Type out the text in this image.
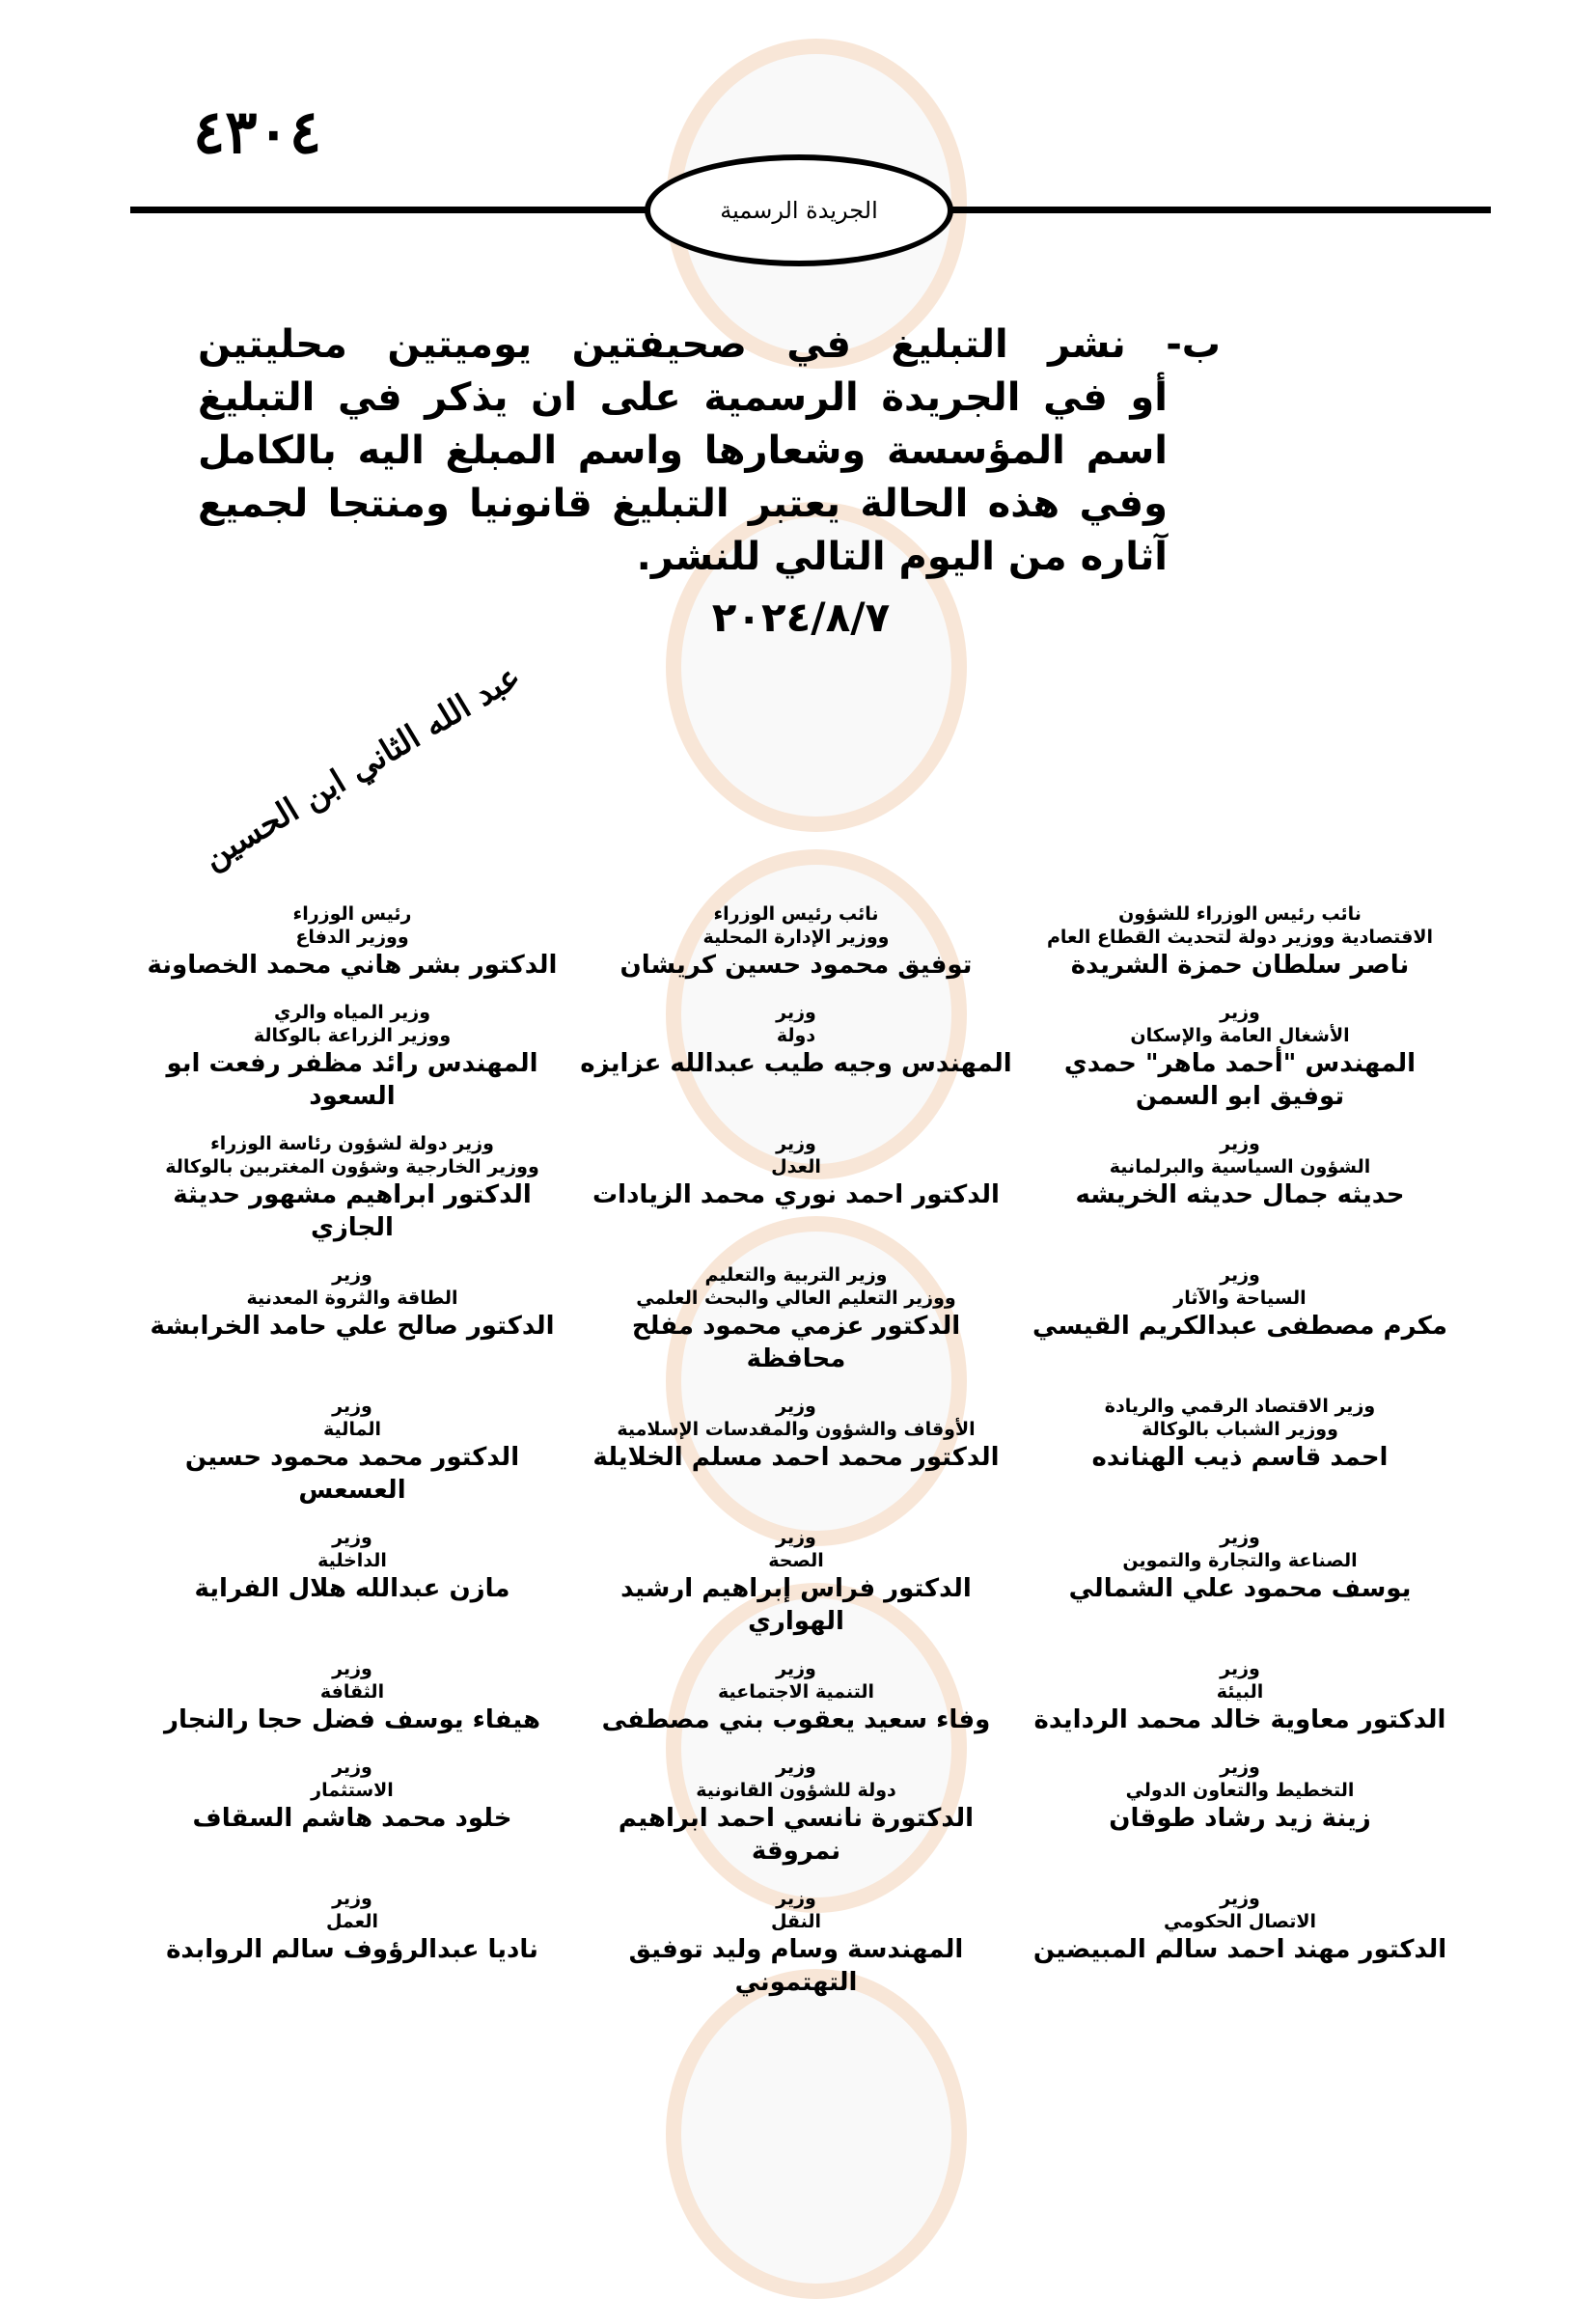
٤٣٠٤
الجريدة الرسمية
ب- نشر التبليغ في صحيفتين يوميتين محليتين
أو في الجريدة الرسمية على ان يذكر في التبليغ اسم المؤسسة وشعارها واسم المبلغ اليه بالكامل وفي هذه الحالة يعتبر التبليغ قانونيا ومنتجا لجميع آثاره من اليوم التالي للنشر.
٢٠٢٤/٨/٧
عبد الله الثاني ابن الحسين
نائب رئيس الوزراء للشؤون
الاقتصادية ووزير دولة لتحديث القطاع العام
ناصر سلطان حمزة الشريدة
نائب رئيس الوزراء
ووزير الإدارة المحلية
توفيق محمود حسين كريشان
رئيس الوزراء
ووزير الدفاع
الدكتور بشر هاني محمد الخصاونة
وزير
الأشغال العامة والإسكان
المهندس "أحمد ماهر" حمدي توفيق ابو السمن
وزير
دولة
المهندس وجيه طيب عبدالله عزايزه
وزير المياه والري
ووزير الزراعة بالوكالة
المهندس رائد مظفر رفعت ابو السعود
وزير
الشؤون السياسية والبرلمانية
حديثه جمال حديثه الخريشه
وزير
العدل
الدكتور احمد نوري محمد الزيادات
وزير دولة لشؤون رئاسة الوزراء
ووزير الخارجية وشؤون المغتربين بالوكالة
الدكتور ابراهيم مشهور حديثة الجازي
وزير
السياحة والآثار
مكرم مصطفى عبدالكريم القيسي
وزير التربية والتعليم
ووزير التعليم العالي والبحث العلمي
الدكتور عزمي محمود مفلح محافظة
وزير
الطاقة والثروة المعدنية
الدكتور صالح علي حامد الخرابشة
وزير الاقتصاد الرقمي والريادة
ووزير الشباب بالوكالة
احمد قاسم ذيب الهنانده
وزير
الأوقاف والشؤون والمقدسات الإسلامية
الدكتور محمد احمد مسلم الخلايلة
وزير
المالية
الدكتور محمد محمود حسين العسعس
وزير
الصناعة والتجارة والتموين
يوسف محمود علي الشمالي
وزير
الصحة
الدكتور فراس إبراهيم ارشيد الهواري
وزير
الداخلية
مازن عبدالله هلال الفراية
وزير
البيئة
الدكتور معاوية خالد محمد الردايدة
وزير
التنمية الاجتماعية
وفاء سعيد يعقوب بني مصطفى
وزير
الثقافة
هيفاء يوسف فضل حجا رالنجار
وزير
التخطيط والتعاون الدولي
زينة زيد رشاد طوقان
وزير
دولة للشؤون القانونية
الدكتورة نانسي احمد ابراهيم نمروقة
وزير
الاستثمار
خلود محمد هاشم السقاف
وزير
الاتصال الحكومي
الدكتور مهند احمد سالم المبيضين
وزير
النقل
المهندسة وسام وليد توفيق التهتموني
وزير
العمل
ناديا عبدالرؤوف سالم الروابدة
